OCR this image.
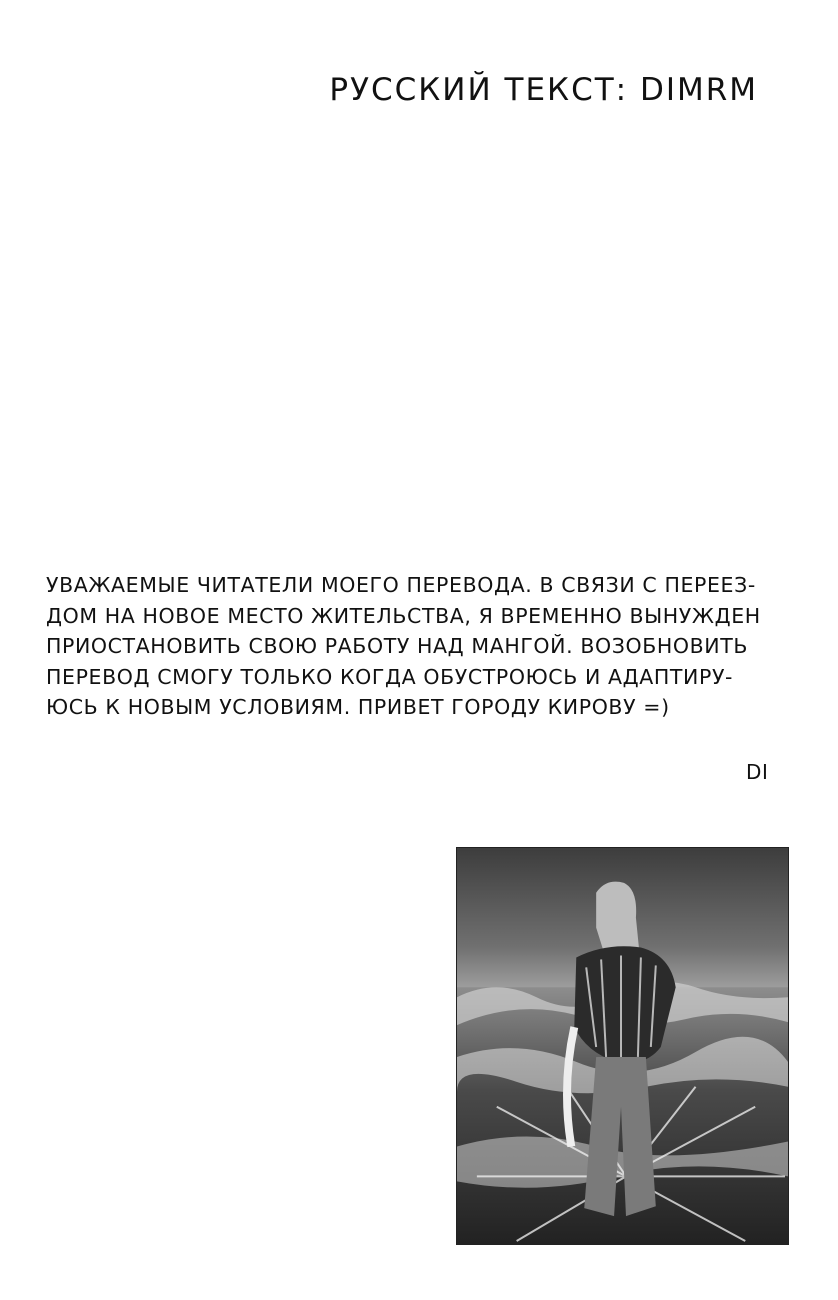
РУССКИЙ ТЕКСТ: DIMRM
УВАЖАЕМЫЕ ЧИТАТЕЛИ МОЕГО ПЕРЕВОДА. В СВЯЗИ С ПЕРЕЕЗ-
ДОМ НА НОВОЕ МЕСТО ЖИТЕЛЬСТВА, Я ВРЕМЕННО ВЫНУЖДЕН
ПРИОСТАНОВИТЬ СВОЮ РАБОТУ НАД МАНГОЙ. ВОЗОБНОВИТЬ
ПЕРЕВОД СМОГУ ТОЛЬКО КОГДА ОБУСТРОЮСЬ И АДАПТИРУ-
ЮСЬ К НОВЫМ УСЛОВИЯМ. ПРИВЕТ ГОРОДУ КИРОВУ =)
DI
